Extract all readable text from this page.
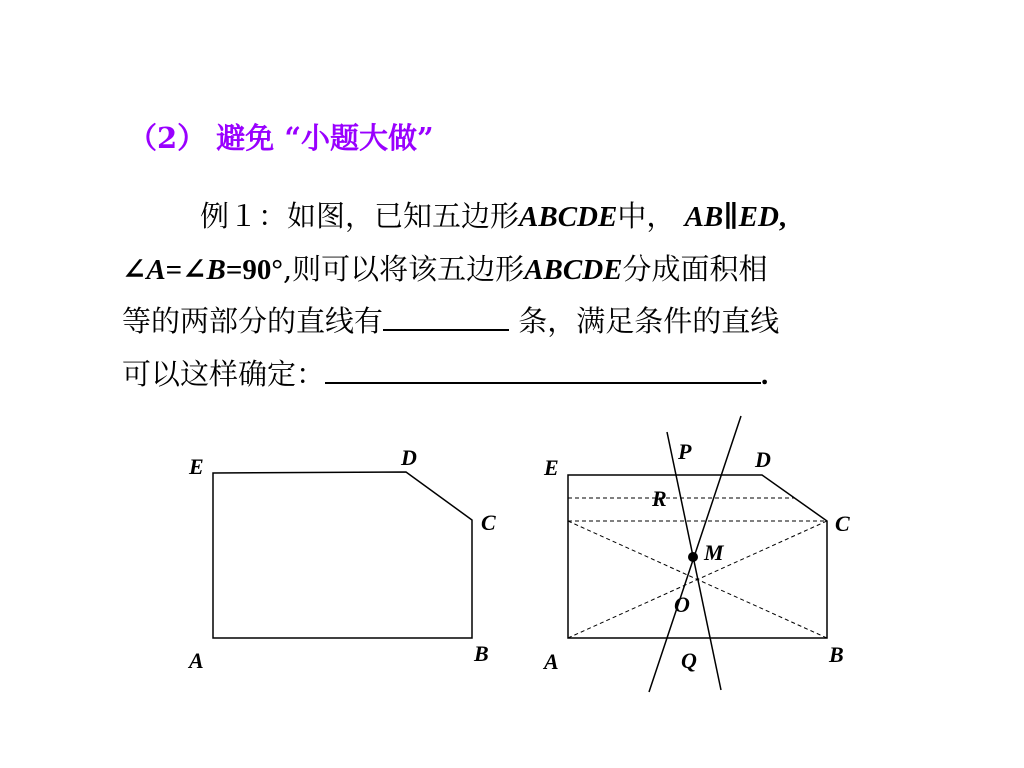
（2） 避免 “小题大做”
例１：如图，已知五边形ABCDE中， AB∥ED,
∠A=∠B=90°,则可以将该五边形ABCDE分成面积相
等的两部分的直线有	条，满足条件的直线
可以这样确定：	.
E	D
C
A	B
E	D
C
A	B
P
R
M
O
Q
